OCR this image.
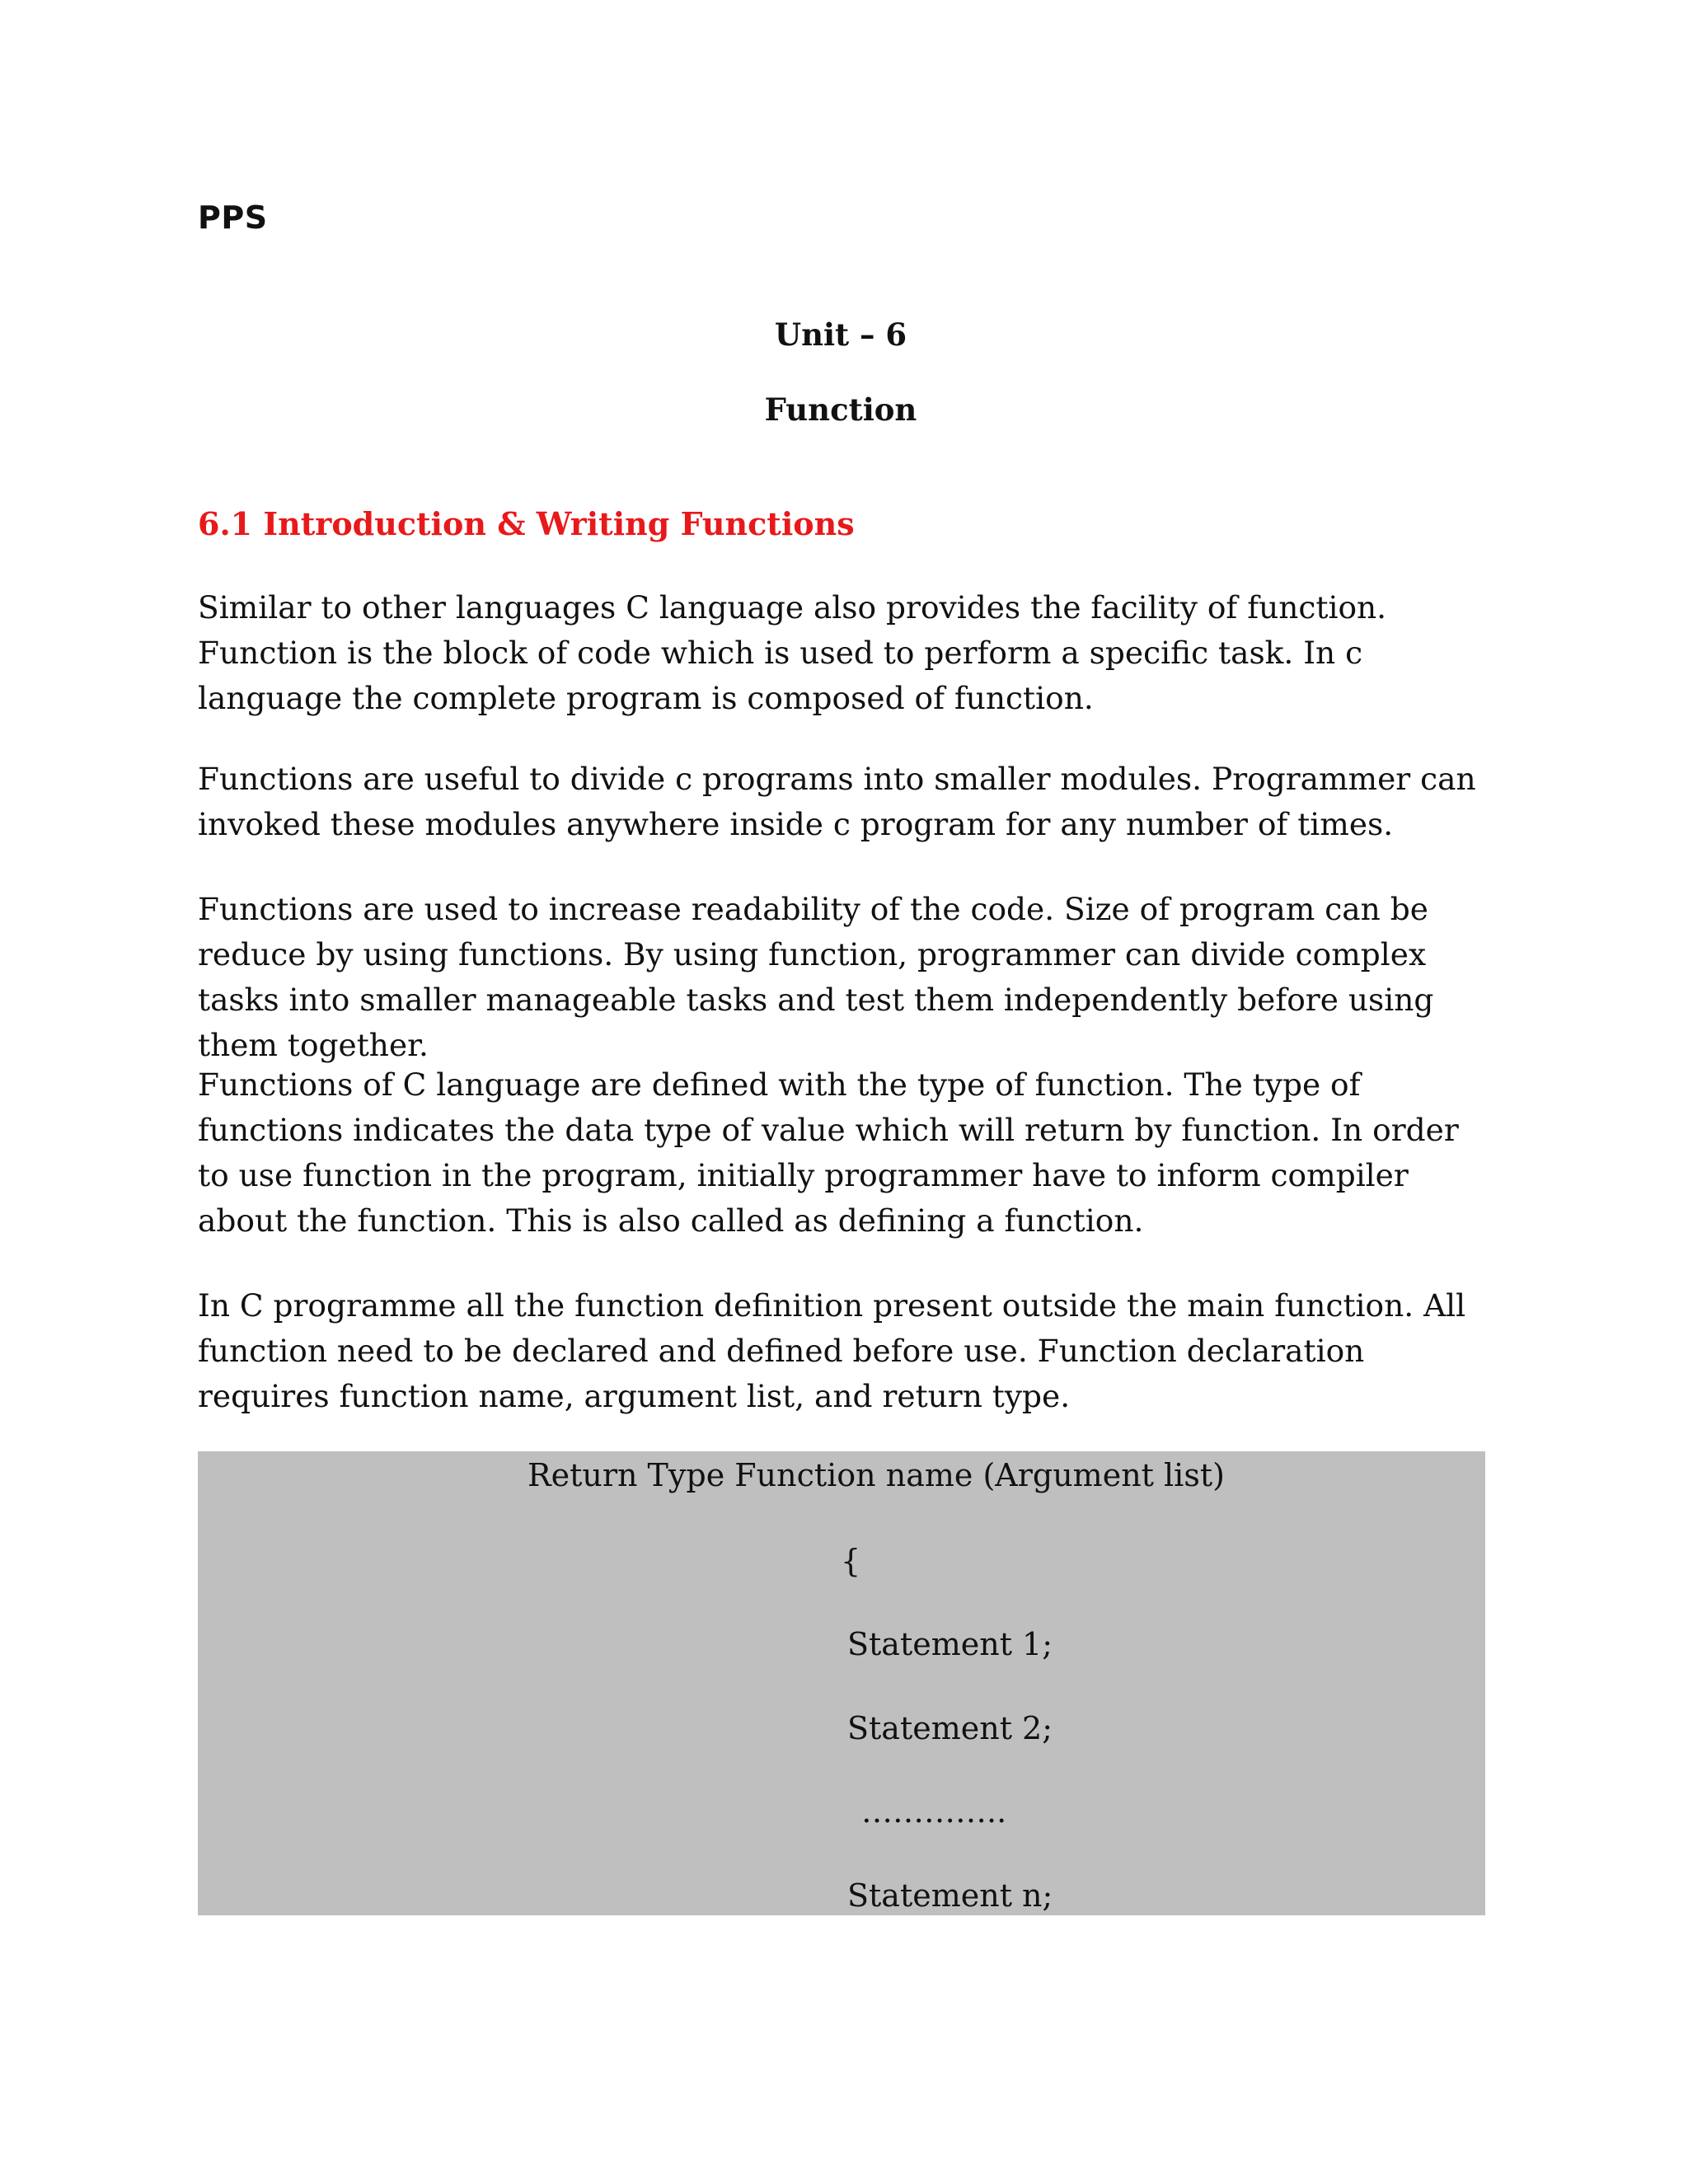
PPS
Unit – 6
Function
6.1 Introduction & Writing Functions

Similar to other languages C language also provides the facility of function. Function is the block of code which is used to perform a specific task. In c language the complete program is composed of function.

Functions are useful to divide c programs into smaller modules. Programmer can invoked these modules anywhere inside c program for any number of times.

Functions are used to increase readability of the code. Size of program can be reduce by using functions. By using function, programmer can divide complex tasks into smaller manageable tasks and test them independently before using them together.

Functions of C language are defined with the type of function. The type of functions indicates the data type of value which will return by function. In order to use function in the program, initially programmer have to inform compiler about the function. This is also called as defining a function.

In C programme all the function definition present outside the main function. All function need to be declared and defined before use. Function declaration requires function name, argument list, and return type.

Return Type Function name (Argument list)
{
Statement 1;
Statement 2;
…………..
Statement n;
